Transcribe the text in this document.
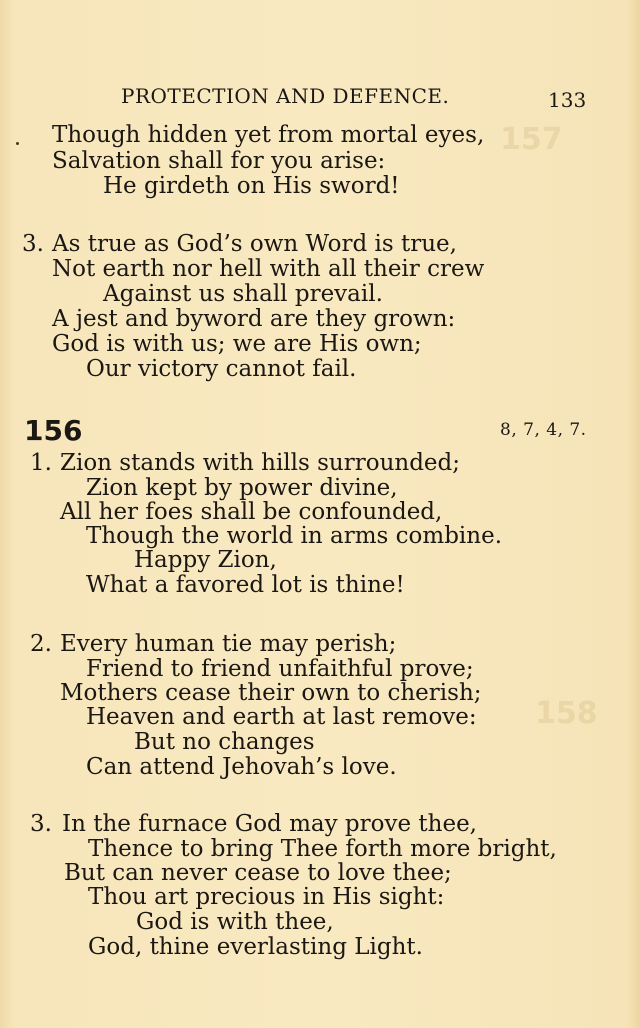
157
158
PROTECTION AND DEFENCE.	133
Though hidden yet from mortal eyes,
Salvation shall for you arise:
He girdeth on His sword!
3. As true as God’s own Word is true,
Not earth nor hell with all their crew
Against us shall prevail.
A jest and byword are they grown:
God is with us; we are His own;
Our victory cannot fail.
156	8, 7, 4, 7.
1. Zion stands with hills surrounded;
Zion kept by power divine,
All her foes shall be confounded,
Though the world in arms combine.
Happy Zion,
What a favored lot is thine!
2. Every human tie may perish;
Friend to friend unfaithful prove;
Mothers cease their own to cherish;
Heaven and earth at last remove:
But no changes
Can attend Jehovah’s love.
3. In the furnace God may prove thee,
Thence to bring Thee forth more bright,
But can never cease to love thee;
Thou art precious in His sight:
God is with thee,
God, thine everlasting Light.
